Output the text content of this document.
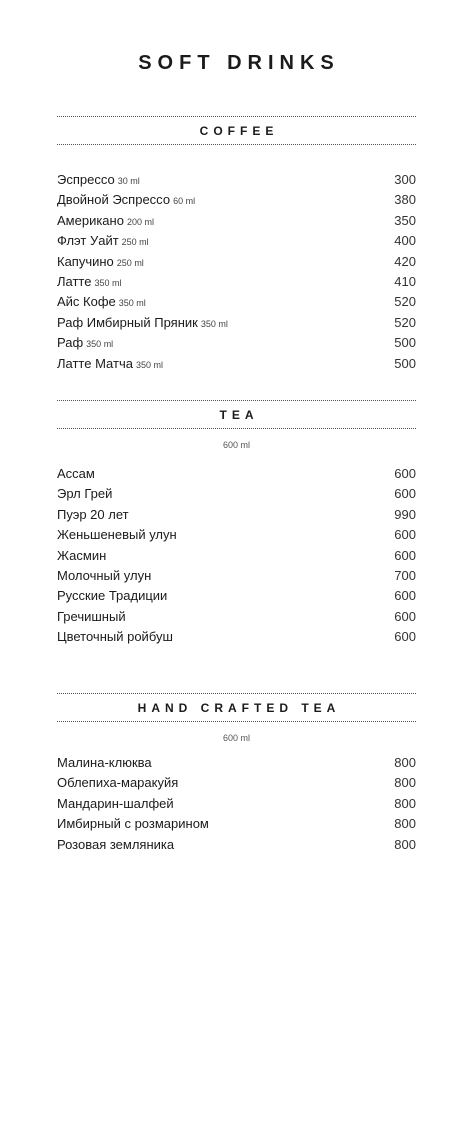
SOFT DRINKS
COFFEE
Эспрессо 30 ml	300
Двойной Эспрессо 60 ml	380
Американо 200 ml	350
Флэт Уайт 250 ml	400
Капучино 250 ml	420
Латте 350 ml	410
Айс Кофе 350 ml	520
Раф Имбирный Пряник 350 ml	520
Раф 350 ml	500
Латте Матча 350 ml	500
TEA
600 ml
Ассам	600
Эрл Грей	600
Пуэр 20 лет	990
Женьшеневый улун	600
Жасмин	600
Молочный улун	700
Русские Традиции	600
Гречишный	600
Цветочный ройбуш	600
HAND CRAFTED TEA
600 ml
Малина-клюква	800
Облепиха-маракуйя	800
Мандарин-шалфей	800
Имбирный с розмарином	800
Розовая земляника	800
